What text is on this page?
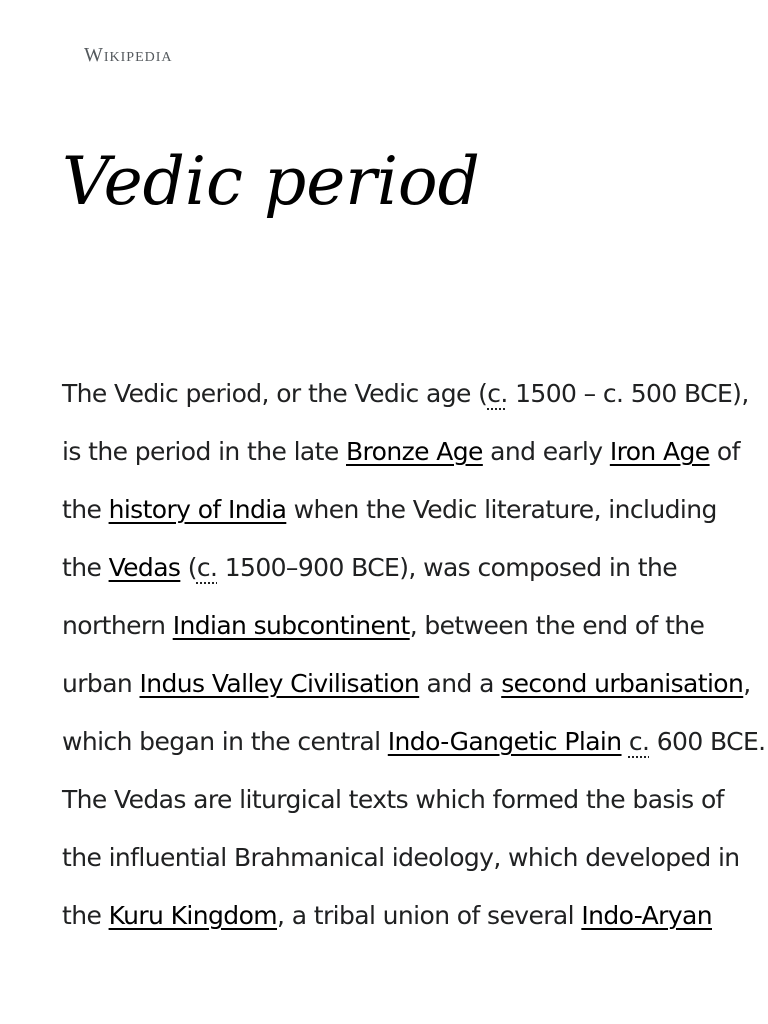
Wikipedia
Vedic period

The Vedic period, or the Vedic age (c. 1500 – c. 500 BCE),
is the period in the late Bronze Age and early Iron Age of
the history of India when the Vedic literature, including
the Vedas (c. 1500–900 BCE), was composed in the
northern Indian subcontinent, between the end of the
urban Indus Valley Civilisation and a second urbanisation,
which began in the central Indo-Gangetic Plain c. 600 BCE.
The Vedas are liturgical texts which formed the basis of
the influential Brahmanical ideology, which developed in
the Kuru Kingdom, a tribal union of several Indo-Aryan
